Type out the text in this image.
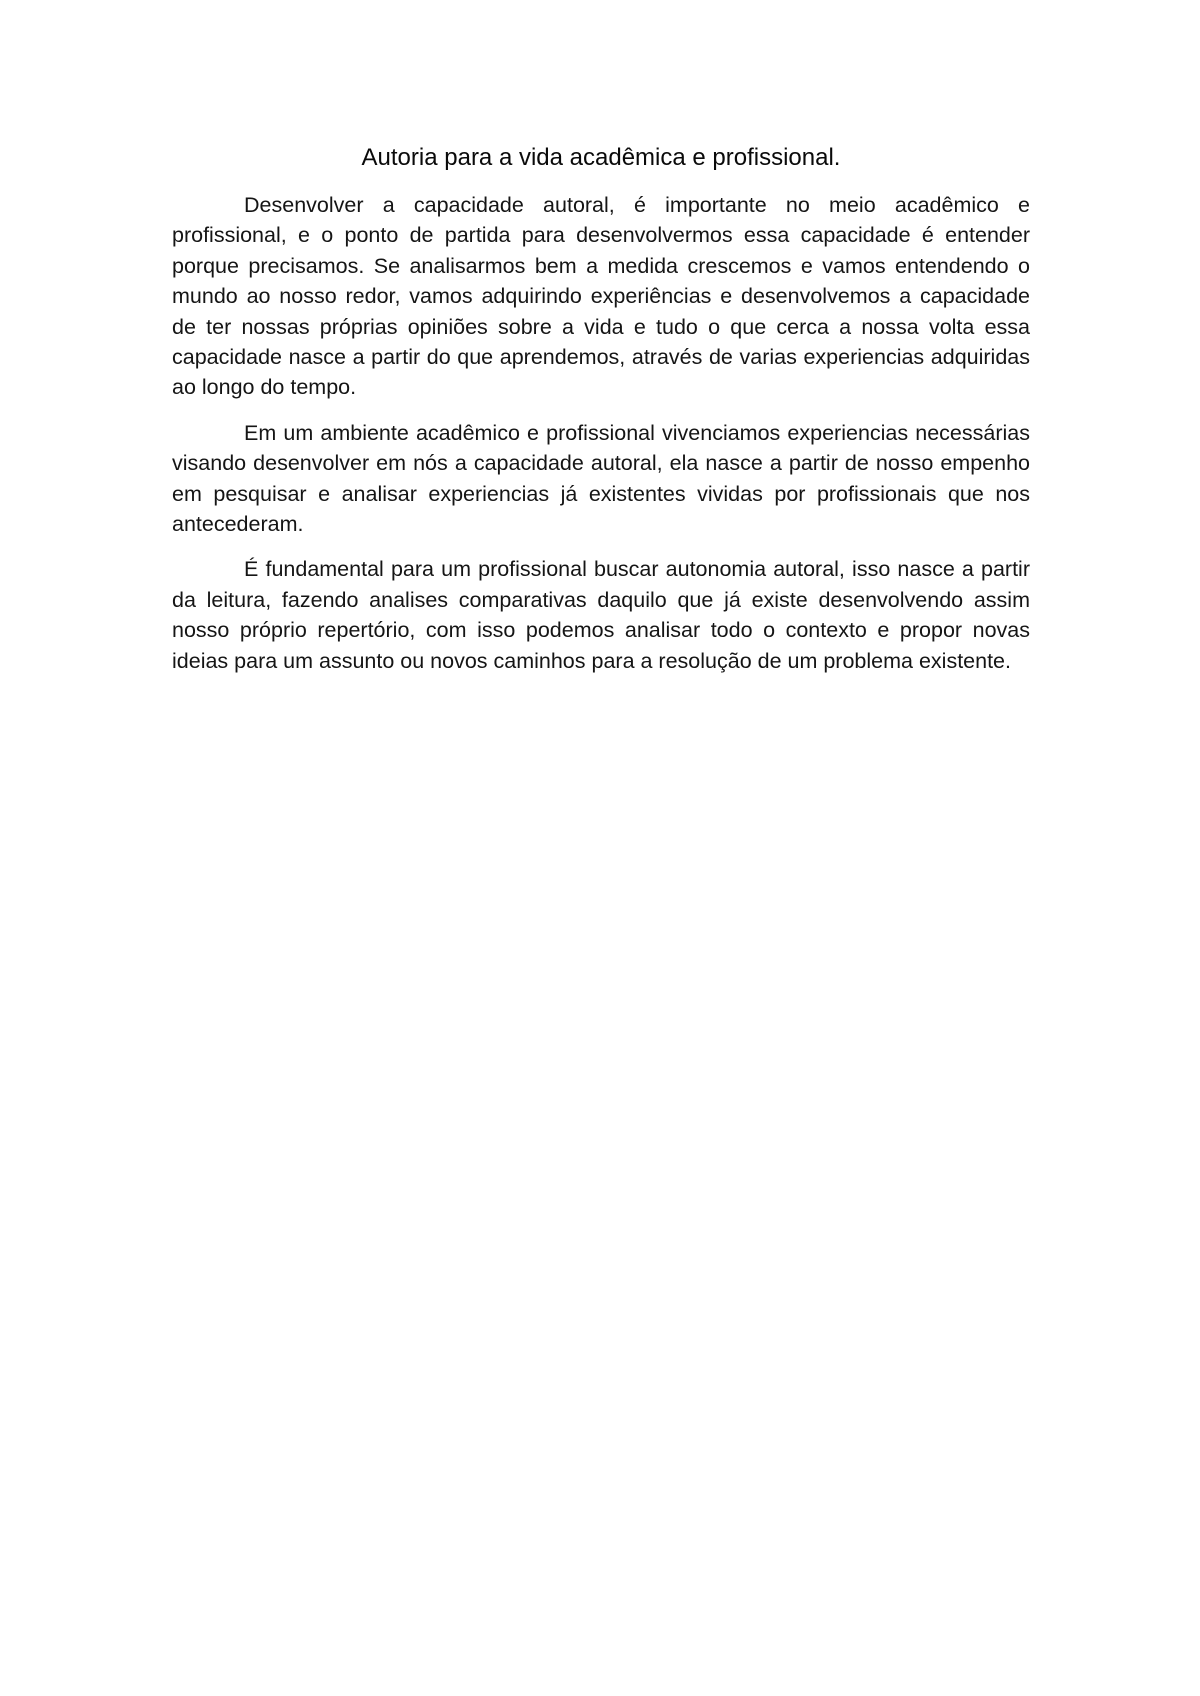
Autoria para a vida acadêmica e profissional.

Desenvolver a capacidade autoral, é importante no meio acadêmico e profissional, e o ponto de partida para desenvolvermos essa capacidade é entender porque precisamos. Se analisarmos bem a medida crescemos e vamos entendendo o mundo ao nosso redor, vamos adquirindo experiências e desenvolvemos a capacidade de ter nossas próprias opiniões sobre a vida e tudo o que cerca a nossa volta essa capacidade nasce a partir do que aprendemos, através de varias experiencias adquiridas ao longo do tempo.

Em um ambiente acadêmico e profissional vivenciamos experiencias necessárias visando desenvolver em nós a capacidade autoral, ela nasce a partir de nosso empenho em pesquisar e analisar experiencias já existentes vividas por profissionais que nos antecederam.

É fundamental para um profissional buscar autonomia autoral, isso nasce a partir da leitura, fazendo analises comparativas daquilo que já existe desenvolvendo assim nosso próprio repertório, com isso podemos analisar todo o contexto e propor novas ideias para um assunto ou novos caminhos para a resolução de um problema existente.
